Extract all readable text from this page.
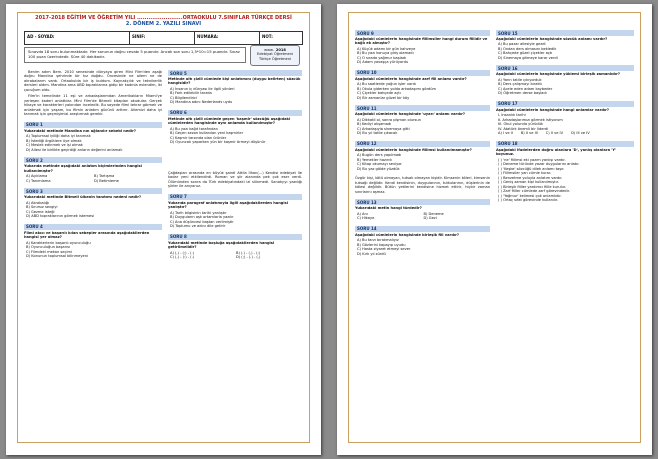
2017-2018 EĞİTİM VE ÖĞRETİM YILI ........................ORTAOKULU 7.SINIFLAR TÜRKÇE DERSİ
2. DÖNEM 2. YAZILI SINAVI
AD - SOYAD:	SINIF:	NUMARA:	NOT:
Sınavda 18 soru bulunmaktadır. Her sorunun doğru cevabı 5 puandır. Ancak son soru 1,5*10=15 puandır. Sınav 100 puan üzerindedir. Süre 40 dakikadır.
www. 2018
Edebiyat Öğretmeni
Türkçe Öğretmeni

Benim adım Bern. 2010 senesinde dünyaya giren Mini Film'den aşağı doğru Mandina şehrinde bir kız doğdu. Öncesinde ne ailem ne de akrabalarım vardı. Ortaokulda bir iş buldum. Kaynakçılık ve teknikerlik dersleri aldım. Mandina ama ABD topraklarına gidip bir kadınla evlendim, iki çocuğum oldu.

Film'in temelinde 11 eşi ve arkadaşlarımdan Amerikalıların Miami'ye yerleşen kaderi anlattılar. Mini Film'de Bitmeli kitapları okudular. Gerçek hikaye ve karakterleri yakından inceledik. Bu sayede filmi tekrar görmek ve anlatmak için yaşam, bu filmin anlatım gücünü arttırır. Ailemizi daha iyi tanımak için geçmişimizi araştırmak gerekir.

SORU 1
Yukarıdaki metinde Mandina nın ağlanılır sebebi nedir?
A) Toplumsal iyiliği daha iyi tanımak
B) İstediği örgütlere üye olmak
C) Meslek edinmek ve işi olmak
D) Ailesi ile birlikte geçirdiği anların değerini anlamak
SORU 2
Yukarıda metinde aşağıdaki anlatım biçimlerinden hangisi kullanılmıştır?
A) Açıklama	B) Tartışma
C) Tanımlama	D) Betimleme
SORU 3
Yukarıdaki metinde Bitmeli ülkenin tanıtımı nedeni nedir?
A) Akrabalığı
B) Sınırsız sevgiyi
C) Gezme isteği
D) ABD topraklarının görmek istemesi
SORU 4
Filmi akıcı ve başarılı kılan sebepler arasında aşağıdakilerden hangisi yer almaz?
A) Karakterlerin başarılı oyunculuğu
B) Oyunculuğun başarısı
C) Filmdeki mekan seçimi
D) Konunun toplumsal bilinmeyeni
SORU 5
Metinde altı çizili cümlede kişi anlatımını (duygu belirten) sözcük hangisidir?
A) İnsanın iç dünyası ile ilgili yönleri
B) Fark edilebilir tarzda
C) Bilgilendirici
D) Mandina adını Nederlands uydu
SORU 6
Metinde altı çizili cümlede geçen 'kaşmir' sözcüğü aşağıdaki cümlelerden hangisinde aynı anlamda kullanılmıştır?
A) Bu yazı kağıt tarafından
B) Geçen sezon kullanılan yeni kaşmirler
C) Kaşmir tarzında olan ürünler
D) Oyuncak yaparken yün bir kaşmir örmeyi düşünür
Çağdaşları arasında en büyük şairdi Attila İlhan(...) Kendisi edebiyat ile kadar yeni etkilendirdi. Roman ve şiir alanında pek çok eser verdi. Ölümünden sonra da Türk edebiyatındaki izi silinmedi. Sanatçıyı yazdığı şiirler ile anıyoruz.
SORU 7
Yukarıda paragraf anlatımıyla ilgili aşağıdakilerden hangisi yanlıştır?
A) Tarih bilgisinin tarihi yanlıştır
B) Duyguların aşk ortamlarla yazılır
C) Ana düşüncesi baştan verilmiştir
D) Toplumu ve adını dile getirir
SORU 8
Yukarıdaki metinde boşluğa aşağıdakilerden hangisi getirilmelidir?
A) (,) - (;) - (.)	B) (.) - (,) - (;)
C) (,) - (:) - (.)	D) (;) - (.) - (,)
SORU 9
Aşağıdaki cümlelerin hangisinde fiilimsiler hangi durum fiilidir ve bağlı ek almıştır?
A) Küçük adamı bir gün kahveye
B) Bu yazı konuya giriş olamadı
C) O sırada yağmur başladı
D) Adam yavaşça yürüyordu
SORU 10
Aşağıdaki cümlelerin hangisinde zarf fiil anlamı vardır?
A) Bu saatlerde yoğun işler vardı
B) Okula giderken yolda arkadaşımı gördüm
C) Çiçekler bahçede açtı
D) Bir zamanlar güzel bir köy
SORU 11
Aşağıdaki cümlelerin hangisinde 'uyarı' anlamı vardır?
A) Dikkatli ol, sonra pişman olursun
B) Kediyi okşamadı
C) Arkadaşıyla sinemaya gitti
D) Bu yıl tatile çıkacak
SORU 12
Aşağıdaki cümlelerin hangisinde fiilimsi kullanılmamıştır?
A) Bugün ders yapılmadı
B) Yemekler hazırdı
C) Kitap okumayı seviyor
D) Bu yaz gölde yüzdük
Özgür kişi, kötü olmayan, tutsak olmayan kişidir. Kimsenin köleri, kimsenin tutsağı değildir. Kendi kendisinin, duygularının, tutkularının, düşlerinin de kölesi değildir. Bütün yetilerini kendisine hizmet ettirir, hiçbir zaman sınırlarını aşmaz.
SORU 13
Yukarıdaki metin hangi türdedir?
A) Anı	B) Deneme
C) Hikaye	D) Gezi
SORU 14
Aşağıdaki cümlelerin hangisinde birleşik fiil vardır?
A) Bu tarzı bırakmalıyız
B) Gözlerini kapayıp uyudu
C) Hasta ziyaret etmeyi sever
D) Kırk yıl sürdü
SORU 15
Aşağıdaki cümlelerin hangisinde sözcük anlamı vardır?
A) Bu pazar ailesiyle gezdi
B) Ondan ders almasını bekledik
C) Bahçede güzel çiçekler açtı
D) Sinemaya gitmeye karar verdi
SORU 16
Aşağıdaki cümlelerin hangisinde yüklemi birleşik zamanlıdır?
A) Yarın tatile çıkıyorduk
B) Ders çalışmayı bıraktı
C) Acele eden adam kaybeder
D) Öğretmen derse başladı
SORU 17
Aşağıdaki cümlelerin hangisinde hangi anlamlar vardır?
I. İnsanlık tarihi
II. Arkadaşlarımızı görmek istiyorum
III. Okul yolunda yürüdük
IV. Atatürk önemli bir liderdi
A) I ve II B) II ve III C) II ve IV D) III ve IV
SORU 18
Aşağıdaki ifadelerden doğru olanlara 'D', yanlış olanlara 'Y' koyunuz.
( ) 'ne' fiilimsi eki yazım yanlışı vardır.
( ) Deneme türünde yazar duygularını anlatır.
( ) 'Keşke' sözcüğü dilek anlamı taşır.
( ) Fiilimsiler yan cümle kurar.
( ) Benzetme yoluyla anlatım vardır.
( ) Geniş zaman kipi kullanılmıştır.
( ) Birleşik fiiller yardımcı fiille kurulur.
( ) Zarf fiiller cümlede zarf görevindedir.
( ) 'Yağmur' kelimesi çok anlamlıdır.
( ) Ortaç sıfat görevinde kullanılır.
